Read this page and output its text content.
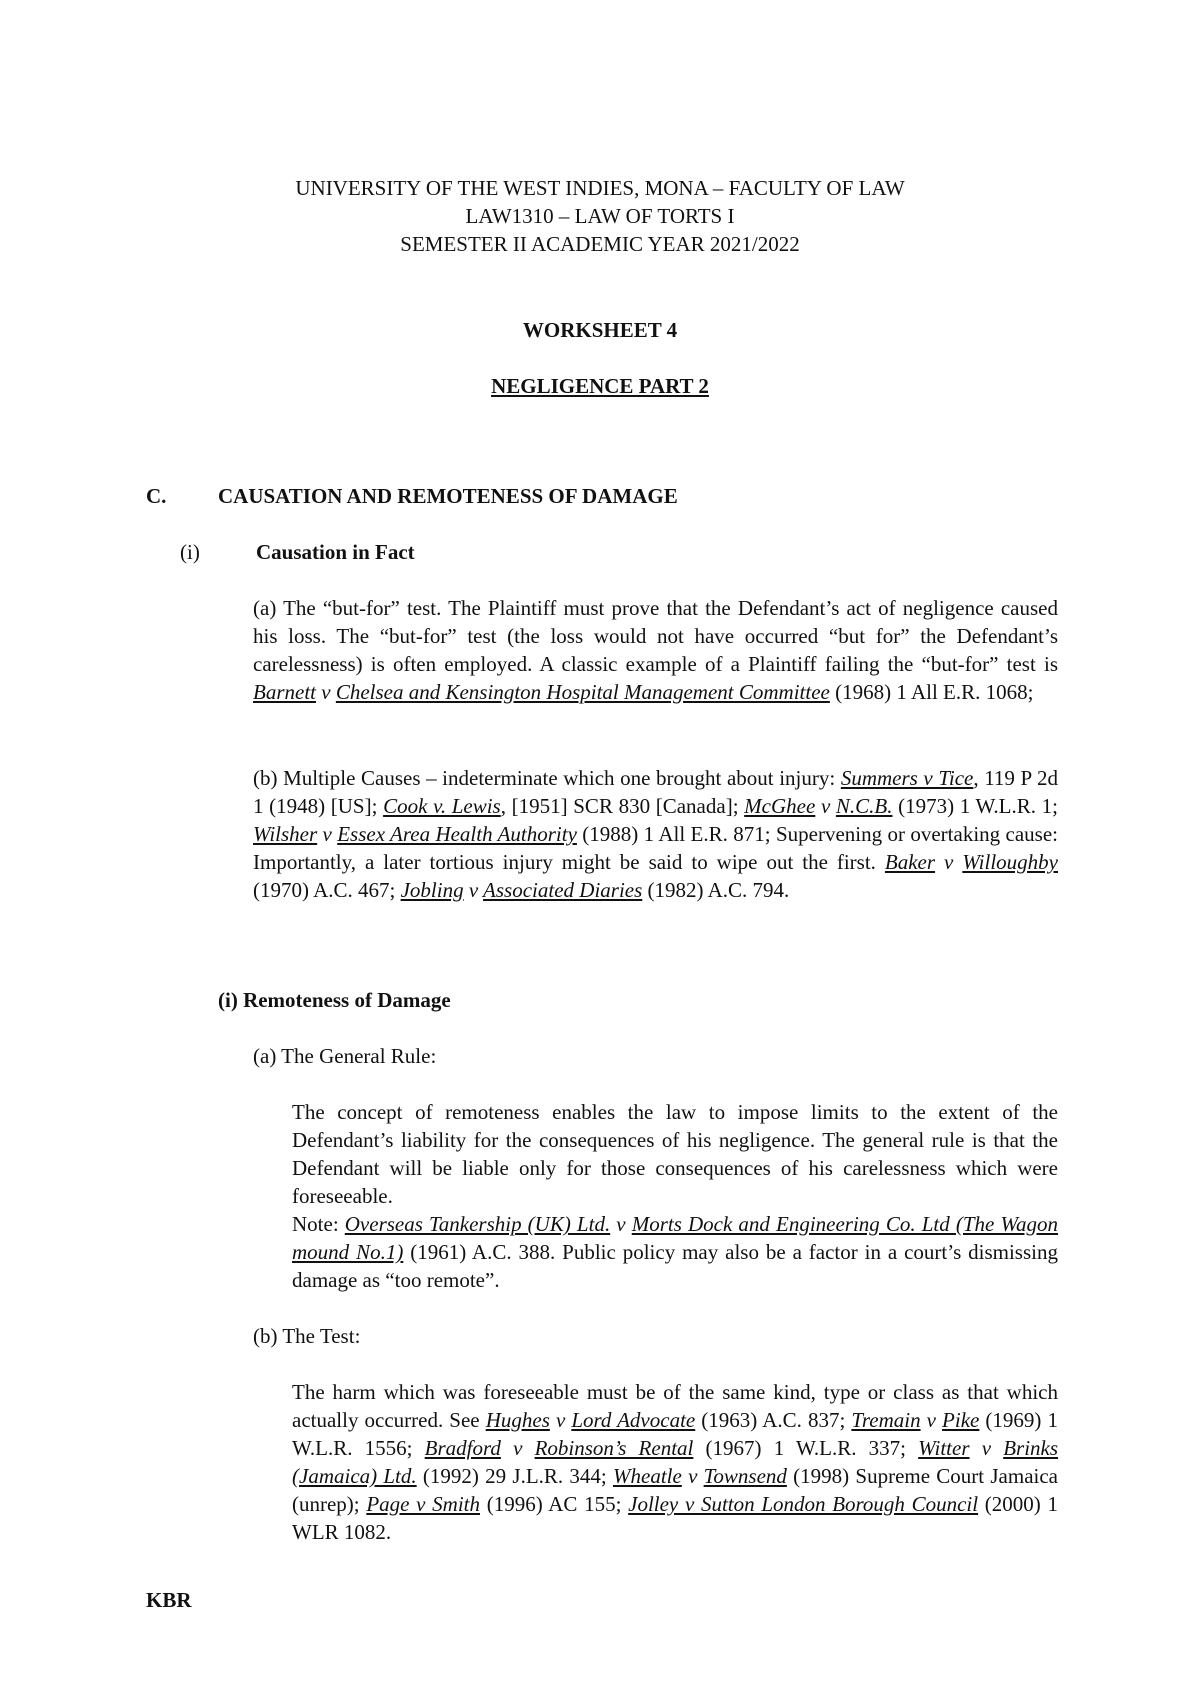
UNIVERSITY OF THE WEST INDIES, MONA – FACULTY OF LAW
LAW1310 – LAW OF TORTS I
SEMESTER II ACADEMIC YEAR 2021/2022
WORKSHEET 4
NEGLIGENCE PART 2
C. CAUSATION AND REMOTENESS OF DAMAGE
(i)	Causation in Fact

(a) The “but-for” test. The Plaintiff must prove that the Defendant’s act of negligence caused his loss. The “but-for” test (the loss would not have occurred “but for” the Defendant’s carelessness) is often employed. A classic example of a Plaintiff failing the “but-for” test is Barnett v Chelsea and Kensington Hospital Management Committee (1968) 1 All E.R. 1068;

(b) Multiple Causes – indeterminate which one brought about injury: Summers v Tice, 119 P 2d 1 (1948) [US]; Cook v. Lewis, [1951] SCR 830 [Canada]; McGhee v N.C.B. (1973) 1 W.L.R. 1; Wilsher v Essex Area Health Authority (1988) 1 All E.R. 871; Supervening or overtaking cause: Importantly, a later tortious injury might be said to wipe out the first. Baker v Willoughby (1970) A.C. 467; Jobling v Associated Diaries (1982) A.C. 794.

(i) Remoteness of Damage
(a) The General Rule:

The concept of remoteness enables the law to impose limits to the extent of the Defendant’s liability for the consequences of his negligence. The general rule is that the Defendant will be liable only for those consequences of his carelessness which were foreseeable.

Note: Overseas Tankership (UK) Ltd. v Morts Dock and Engineering Co. Ltd (The Wagon mound No.1) (1961) A.C. 388. Public policy may also be a factor in a court’s dismissing damage as “too remote”.

(b) The Test:

The harm which was foreseeable must be of the same kind, type or class as that which actually occurred. See Hughes v Lord Advocate (1963) A.C. 837; Tremain v Pike (1969) 1 W.L.R. 1556; Bradford v Robinson’s Rental (1967) 1 W.L.R. 337; Witter v Brinks (Jamaica) Ltd. (1992) 29 J.L.R. 344; Wheatle v Townsend (1998) Supreme Court Jamaica (unrep); Page v Smith (1996) AC 155; Jolley v Sutton London Borough Council (2000) 1 WLR 1082.

KBR
